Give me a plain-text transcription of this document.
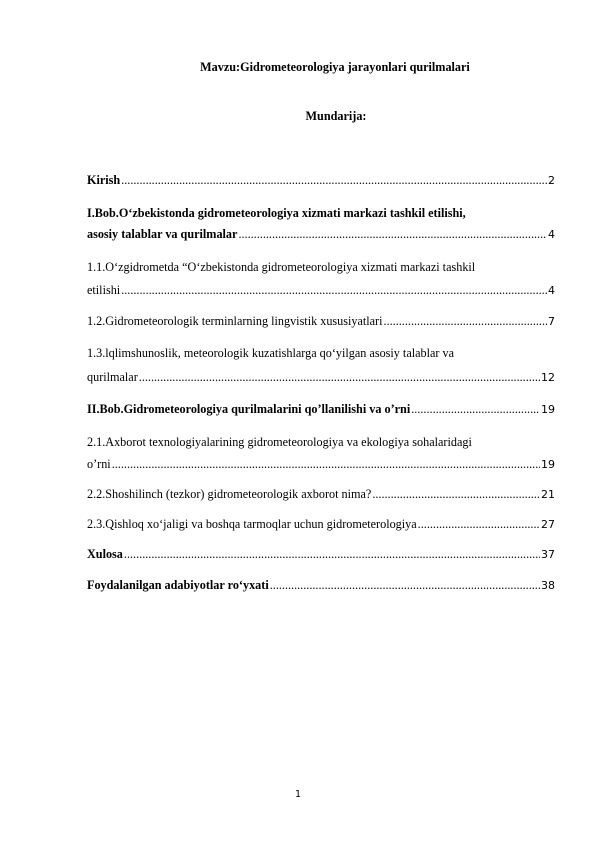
Mavzu:Gidrometeorologiya jarayonlari qurilmalari
Mundarija:
Kirish .....	2
I.Bob.O‘zbekistonda gidrometeorologiya xizmati markazi tashkil etilishi,
asosiy talablar va qurilmalar .....	4
1.1.O‘zgidrometda “O‘zbekistonda gidrometeorologiya xizmati markazi tashkil
etilishi .....	4
1.2.Gidrometeorologik terminlarning lingvistik xususiyatlari .....	7
1.3.lqlimshunoslik, meteorologik kuzatishlarga qo‘yilgan asosiy talablar va
qurilmalar .....	12
II.Bob.Gidrometeorologiya qurilmalarini qo’llanilishi va o’rni .....	19
2.1.Axborot texnologiyalarining gidrometeorologiya va ekologiya sohalaridagi
o’rni .....	19
2.2.Shoshilinch (tezkor) gidrometeorologik axborot nima? .....	21
2.3.Qishloq xo‘jaligi va boshqa tarmoqlar uchun gidrometerologiya .....	27
Xulosa .....	37
Foydalanilgan adabiyotlar ro‘yxati .....	38
1
